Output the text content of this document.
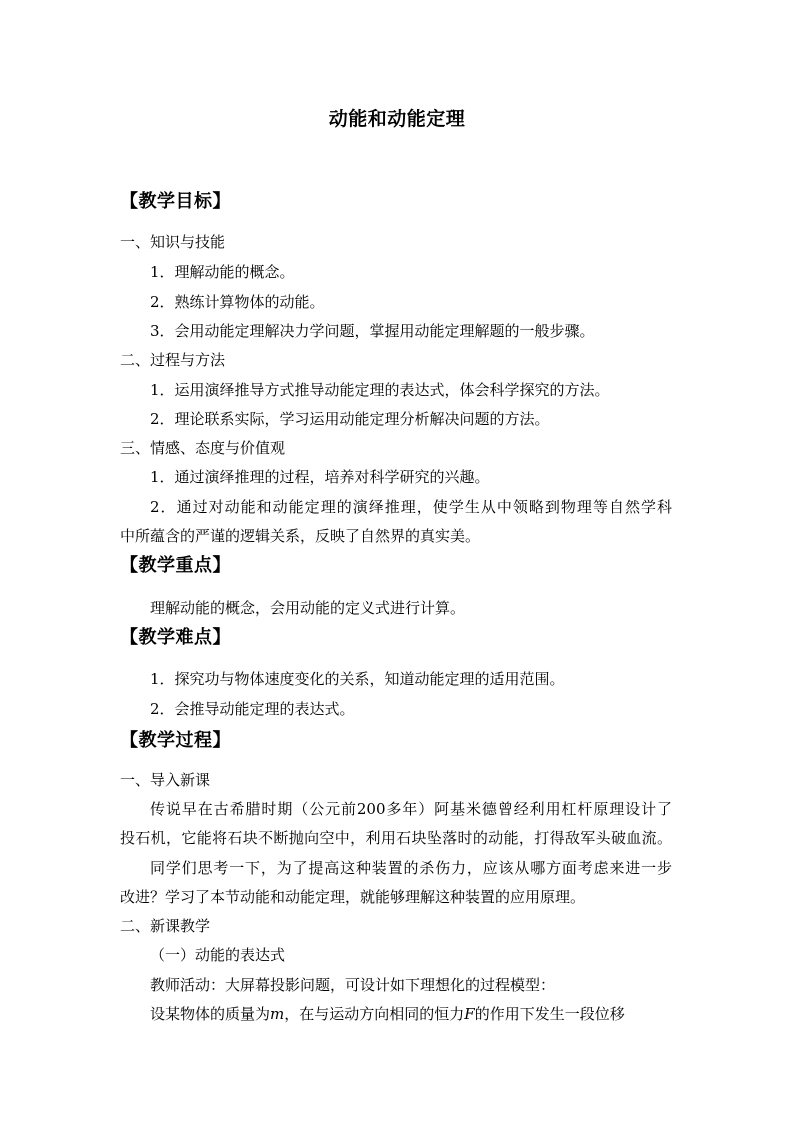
动能和动能定理
【教学目标】
一、知识与技能
1．理解动能的概念。
2．熟练计算物体的动能。
3．会用动能定理解决力学问题，掌握用动能定理解题的一般步骤。
二、过程与方法
1．运用演绎推导方式推导动能定理的表达式，体会科学探究的方法。
2．理论联系实际，学习运用动能定理分析解决问题的方法。
三、情感、态度与价值观
1．通过演绎推理的过程，培养对科学研究的兴趣。
2．通过对动能和动能定理的演绎推理，使学生从中领略到物理等自然学科
中所蕴含的严谨的逻辑关系，反映了自然界的真实美。
【教学重点】
理解动能的概念，会用动能的定义式进行计算。
【教学难点】
1．探究功与物体速度变化的关系，知道动能定理的适用范围。
2．会推导动能定理的表达式。
【教学过程】
一、导入新课
传说早在古希腊时期（公元前200多年）阿基米德曾经利用杠杆原理设计了
投石机，它能将石块不断抛向空中，利用石块坠落时的动能，打得敌军头破血流。
同学们思考一下，为了提高这种装置的杀伤力，应该从哪方面考虑来进一步
改进？学习了本节动能和动能定理，就能够理解这种装置的应用原理。
二、新课教学
（一）动能的表达式
教师活动：大屏幕投影问题，可设计如下理想化的过程模型：
设某物体的质量为m，在与运动方向相同的恒力F的作用下发生一段位移
